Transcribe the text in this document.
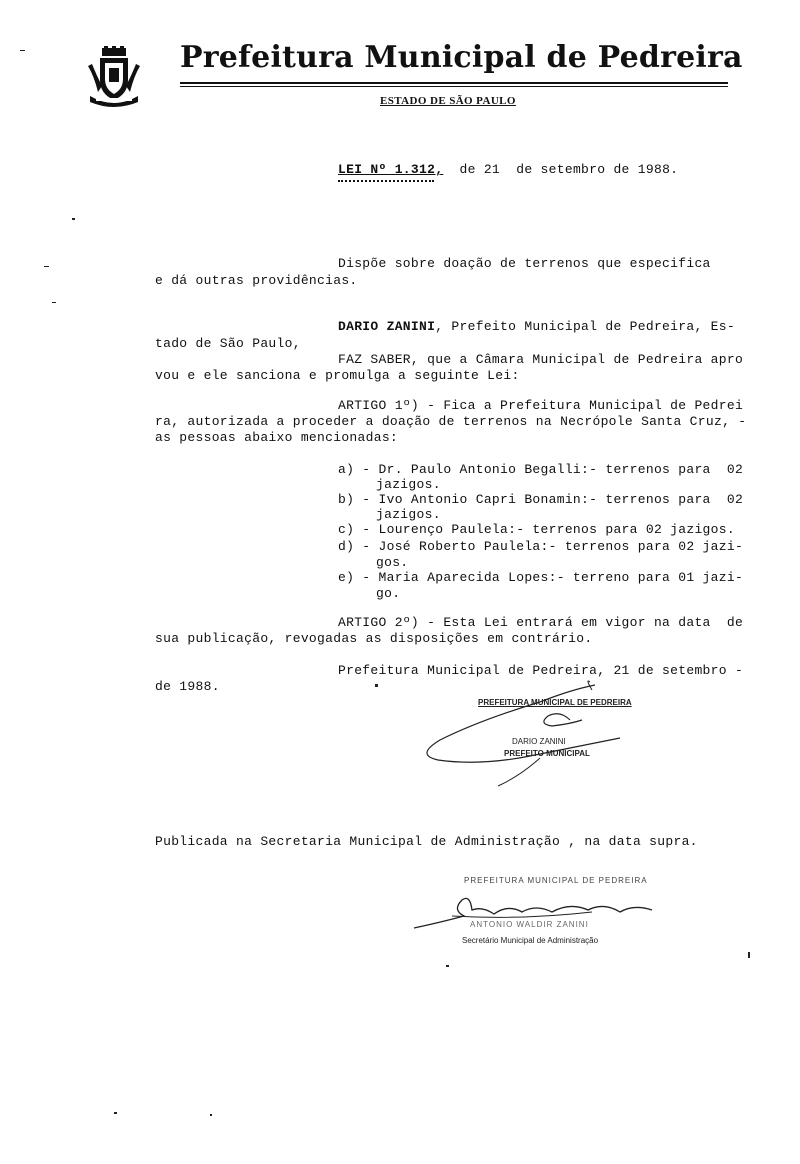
Prefeitura Municipal de Pedreira
ESTADO DE SÃO PAULO
LEI Nº 1.312, de 21  de setembro de 1988.
Dispõe sobre doação de terrenos que especifica
e dá outras providências.
DARIO ZANINI, Prefeito Municipal de Pedreira, Es-
tado de São Paulo,
FAZ SABER, que a Câmara Municipal de Pedreira apro
vou e ele sanciona e promulga a seguinte Lei:
ARTIGO 1º) - Fica a Prefeitura Municipal de Pedrei
ra, autorizada a proceder a doação de terrenos na Necrópole Santa Cruz, -
as pessoas abaixo mencionadas:
a) - Dr. Paulo Antonio Begalli:- terrenos para  02
jazigos.
b) - Ivo Antonio Capri Bonamin:- terrenos para  02
jazigos.
c) - Lourenço Paulela:- terrenos para 02 jazigos.
d) - José Roberto Paulela:- terrenos para 02 jazi-
gos.
e) - Maria Aparecida Lopes:- terreno para 01 jazi-
go.
ARTIGO 2º) - Esta Lei entrará em vigor na data  de
sua publicação, revogadas as disposições em contrário.
Prefeitura Municipal de Pedreira, 21 de setembro -
de 1988.
PREFEITURA MUNICIPAL DE PEDREIRA
DARIO ZANINI
PREFEITO MUNICIPAL
Publicada na Secretaria Municipal de Administração , na data supra.
PREFEITURA MUNICIPAL DE PEDREIRA
ANTONIO WALDIR ZANINI
Secretário Municipal de Administração
